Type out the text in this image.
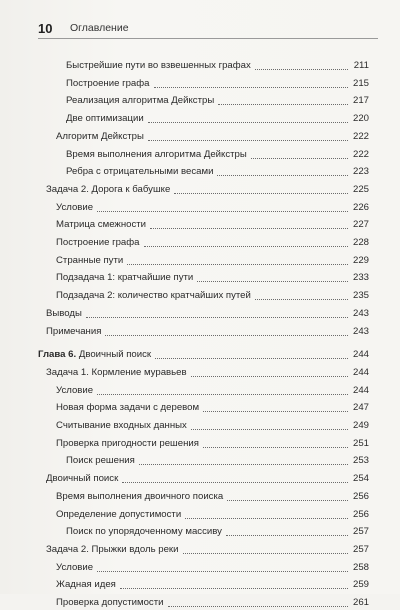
10	Оглавление
Быстрейшие пути во взвешенных графах	211
Построение графа	215
Реализация алгоритма Дейкстры	217
Две оптимизации	220
Алгоритм Дейкстры	222
Время выполнения алгоритма Дейкстры	222
Ребра с отрицательными весами	223
Задача 2. Дорога к бабушке	225
Условие	226
Матрица смежности	227
Построение графа	228
Странные пути	229
Подзадача 1: кратчайшие пути	233
Подзадача 2: количество кратчайших путей	235
Выводы	243
Примечания	243
Глава 6. Двоичный поиск	244
Задача 1. Кормление муравьев	244
Условие	244
Новая форма задачи с деревом	247
Считывание входных данных	249
Проверка пригодности решения	251
Поиск решения	253
Двоичный поиск	254
Время выполнения двоичного поиска	256
Определение допустимости	256
Поиск по упорядоченному массиву	257
Задача 2. Прыжки вдоль реки	257
Условие	258
Жадная идея	259
Проверка допустимости	261
